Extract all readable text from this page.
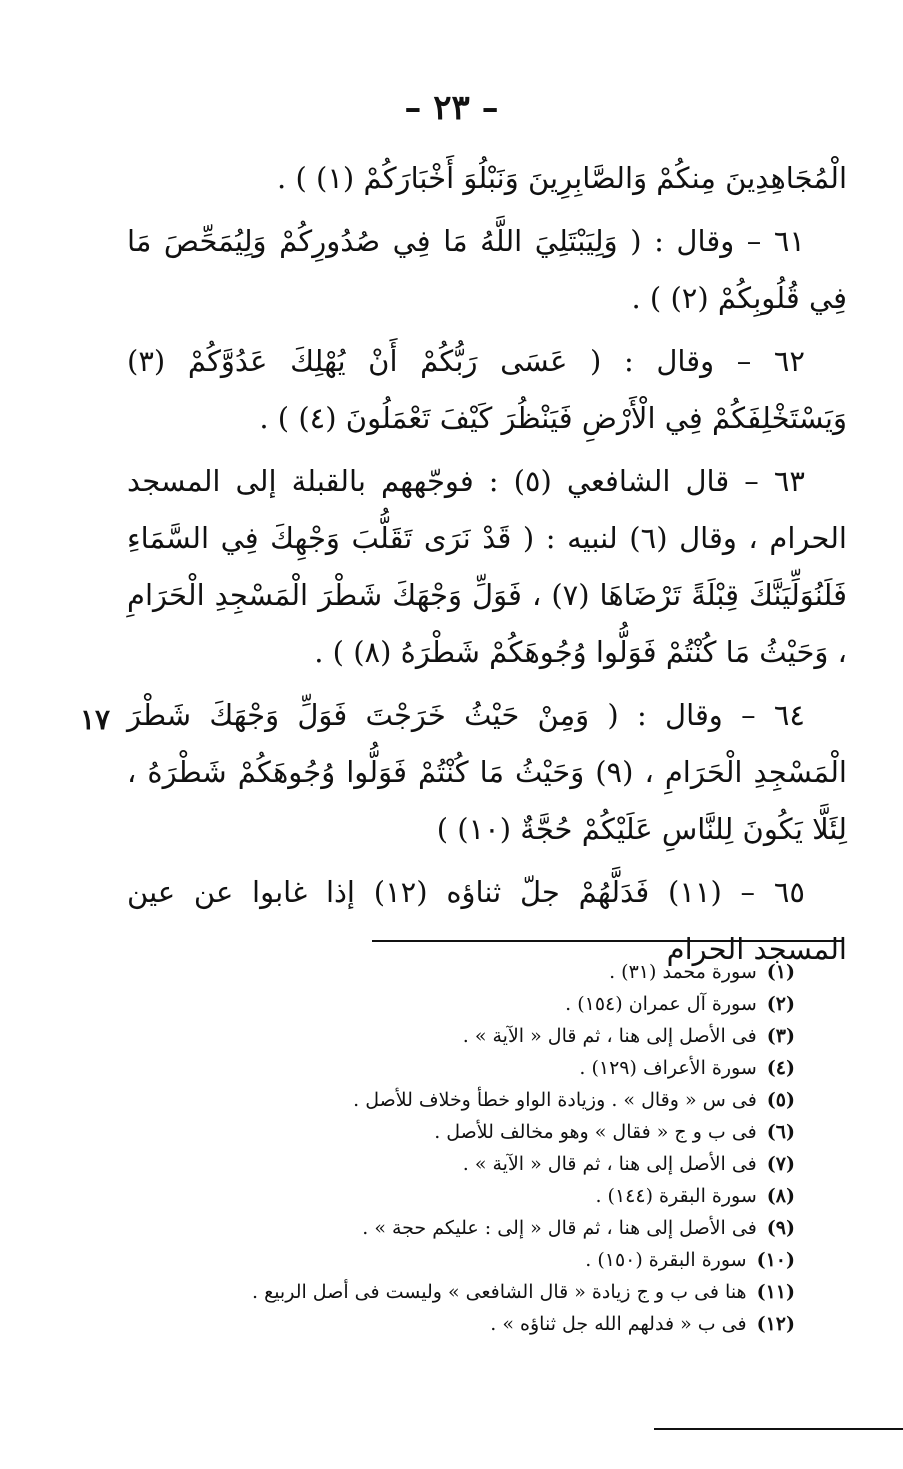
– ٢٣ –
١٧

الْمُجَاهِدِينَ مِنكُمْ وَالصَّابِرِينَ وَنَبْلُوَ أَخْبَارَكُمْ (١) ) .

٦١ – وقال : ( وَلِيَبْتَلِيَ اللَّهُ مَا فِي صُدُورِكُمْ وَلِيُمَحِّصَ مَا فِي قُلُوبِكُمْ (٢) ) .

٦٢ – وقال : ( عَسَى رَبُّكُمْ أَنْ يُهْلِكَ عَدُوَّكُمْ (٣) وَيَسْتَخْلِفَكُمْ فِي الْأَرْضِ فَيَنْظُرَ كَيْفَ تَعْمَلُونَ (٤) ) .

٦٣ – قال الشافعي (٥) : فوجّههم بالقبلة إلى المسجد الحرام ، وقال (٦) لنبيه : ( قَدْ نَرَى تَقَلُّبَ وَجْهِكَ فِي السَّمَاءِ فَلَنُوَلِّيَنَّكَ قِبْلَةً تَرْضَاهَا (٧) ، فَوَلِّ وَجْهَكَ شَطْرَ الْمَسْجِدِ الْحَرَامِ ، وَحَيْثُ مَا كُنْتُمْ فَوَلُّوا وُجُوهَكُمْ شَطْرَهُ (٨) ) .

٦٤ – وقال : ( وَمِنْ حَيْثُ خَرَجْتَ فَوَلِّ وَجْهَكَ شَطْرَ الْمَسْجِدِ الْحَرَامِ ، (٩) وَحَيْثُ مَا كُنْتُمْ فَوَلُّوا وُجُوهَكُمْ شَطْرَهُ ، لِئَلَّا يَكُونَ لِلنَّاسِ عَلَيْكُمْ حُجَّةٌ (١٠) )

٦٥ – (١١) فَدَلَّهُمْ جلّ ثناؤه (١٢) إذا غابوا عن عين المسجد الحرام

(١)سورة محمد (٣١) .
(٢)سورة آل عمران (١٥٤) .
(٣)فى الأصل إلى هنا ، ثم قال « الآية » .
(٤)سورة الأعراف (١٢٩) .
(٥)فى س « وقال » . وزيادة الواو خطأ وخلاف للأصل .
(٦)فى ب و ج « فقال » وهو مخالف للأصل .
(٧)فى الأصل إلى هنا ، ثم قال « الآية » .
(٨)سورة البقرة (١٤٤) .
(٩)فى الأصل إلى هنا ، ثم قال « إلى : عليكم حجة » .
(١٠)سورة البقرة (١٥٠) .
(١١)هنا فى ب و ج زيادة « قال الشافعى » وليست فى أصل الربيع .
(١٢)فى ب « فدلهم الله جل ثناؤه » .
